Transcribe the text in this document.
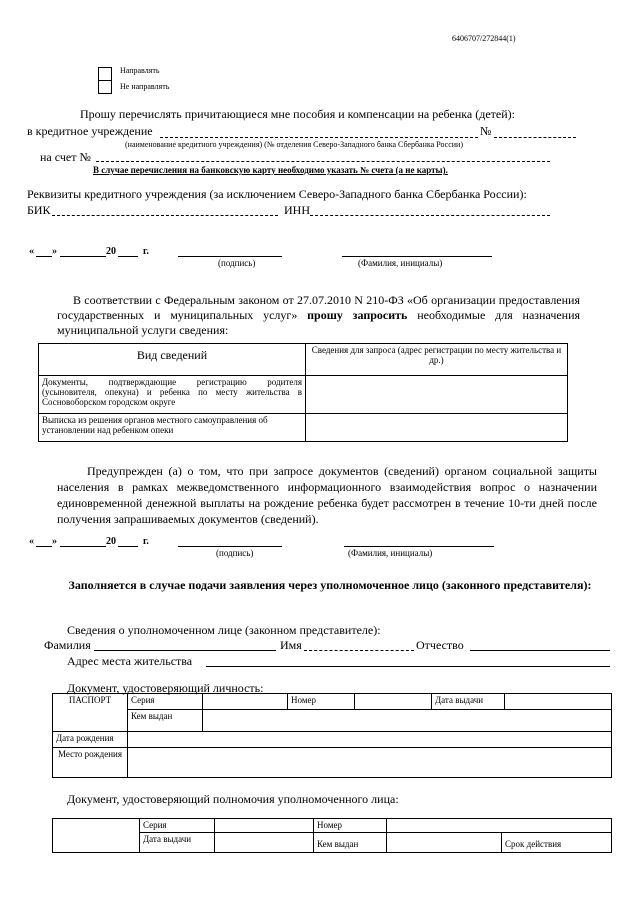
6406707/272844(1)
Направлять
Не направлять
Прошу перечислять причитающиеся мне пособия и компенсации на ребенка (детей):
в кредитное учреждение	№
(наименование кредитного учреждения) (№ отделения Северо-Западного банка Сбербанка России)
на счет №
В случае перечисления на банковскую карту необходимо указать № счета (а не карты).
Реквизиты кредитного учреждения (за исключением Северо-Западного банка Сбербанка России):
БИК	ИНН
« »	20	г.
(подпись)	(Фамилия, инициалы)
В соответствии с Федеральным законом от 27.07.2010 N 210-ФЗ «Об организации предоставления государственных и муниципальных услуг» прошу запросить необходимые для назначения муниципальной услуги сведения:
Вид сведений	Сведения для запроса (адрес регистрации по месту жительства и др.)
Документы, подтверждающие регистрацию родителя (усыновителя, опекуна) и ребенка по месту жительства в Сосновоборском городском округе	
Выписка из решения органов местного самоуправления об установлении над ребенком опеки	
Предупрежден (а) о том, что при запросе документов (сведений) органом социальной защиты населения в рамках межведомственного информационного взаимодействия вопрос о назначении единовременной денежной выплаты на рождение ребенка будет рассмотрен в течение 10-ти дней после получения запрашиваемых документов (сведений).
« »	20	г.
(подпись)	(Фамилия, инициалы)
Заполняется в случае подачи заявления через уполномоченное лицо (законного представителя):
Сведения о уполномоченном лице (законном представителе):
Фамилия	Имя	Отчество
Адрес места жительства
Документ, удостоверяющий личность:
ПАСПОРТ	Серия		Номер		Дата выдачи	
	Кем выдан					
Дата рождения						
Место рождения						
Документ, удостоверяющий полномочия уполномоченного лица:
	Серия		Номер		
	Дата выдачи		Кем выдан		Срок действия
